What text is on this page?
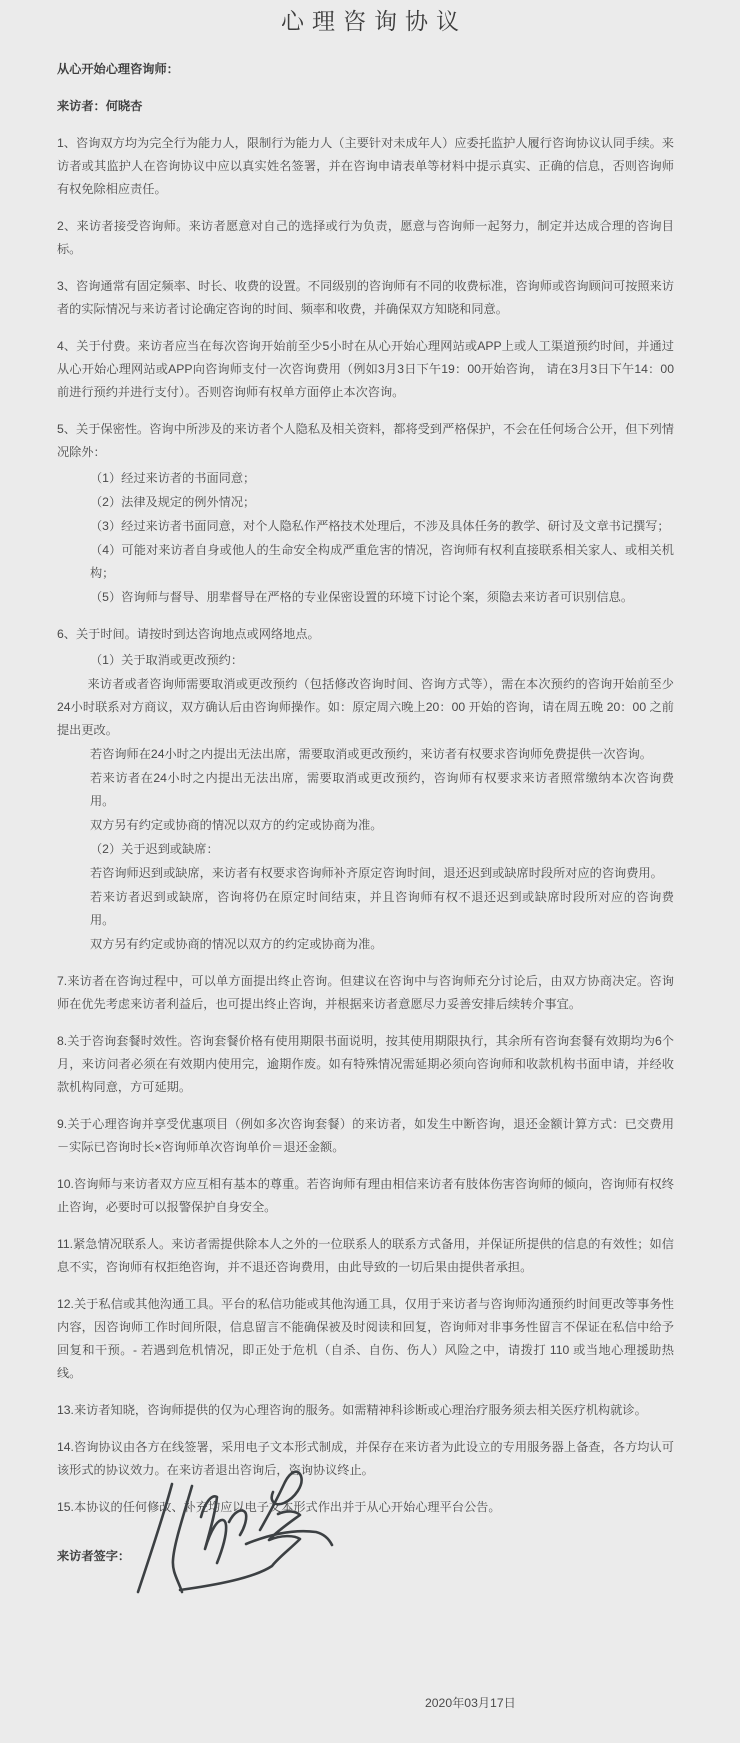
心理咨询协议

从心开始心理咨询师：

来访者：何晓杏

1、咨询双方均为完全行为能力人，限制行为能力人（主要针对未成年人）应委托监护人履行咨询协议认同手续。来访者或其监护人在咨询协议中应以真实姓名签署，并在咨询申请表单等材料中提示真实、正确的信息，否则咨询师有权免除相应责任。

2、来访者接受咨询师。来访者愿意对自己的选择或行为负责，愿意与咨询师一起努力，制定并达成合理的咨询目标。

3、咨询通常有固定频率、时长、收费的设置。不同级别的咨询师有不同的收费标准，咨询师或咨询顾问可按照来访者的实际情况与来访者讨论确定咨询的时间、频率和收费，并确保双方知晓和同意。

4、关于付费。来访者应当在每次咨询开始前至少5小时在从心开始心理网站或APP上或人工渠道预约时间，并通过从心开始心理网站或APP向咨询师支付一次咨询费用（例如3月3日下午19：00开始咨询， 请在3月3日下午14：00前进行预约并进行支付）。否则咨询师有权单方面停止本次咨询。

5、关于保密性。咨询中所涉及的来访者个人隐私及相关资料，都将受到严格保护，不会在任何场合公开，但下列情况除外：

（1）经过来访者的书面同意；

（2）法律及规定的例外情况；

（3）经过来访者书面同意，对个人隐私作严格技术处理后，不涉及具体任务的教学、研讨及文章书记撰写；

（4）可能对来访者自身或他人的生命安全构成严重危害的情况，咨询师有权利直接联系相关家人、或相关机构；

（5）咨询师与督导、朋辈督导在严格的专业保密设置的环境下讨论个案，须隐去来访者可识别信息。

6、关于时间。请按时到达咨询地点或网络地点。

（1）关于取消或更改预约：

来访者或者咨询师需要取消或更改预约（包括修改咨询时间、咨询方式等），需在本次预约的咨询开始前至少24小时联系对方商议，双方确认后由咨询师操作。如：原定周六晚上20：00 开始的咨询，请在周五晚 20：00 之前提出更改。

若咨询师在24小时之内提出无法出席，需要取消或更改预约，来访者有权要求咨询师免费提供一次咨询。

若来访者在24小时之内提出无法出席，需要取消或更改预约，咨询师有权要求来访者照常缴纳本次咨询费用。

双方另有约定或协商的情况以双方的约定或协商为准。

（2）关于迟到或缺席：

若咨询师迟到或缺席，来访者有权要求咨询师补齐原定咨询时间，退还迟到或缺席时段所对应的咨询费用。

若来访者迟到或缺席，咨询将仍在原定时间结束，并且咨询师有权不退还迟到或缺席时段所对应的咨询费用。

双方另有约定或协商的情况以双方的约定或协商为准。

7.来访者在咨询过程中，可以单方面提出终止咨询。但建议在咨询中与咨询师充分讨论后，由双方协商决定。咨询师在优先考虑来访者利益后，也可提出终止咨询，并根据来访者意愿尽力妥善安排后续转介事宜。

8.关于咨询套餐时效性。咨询套餐价格有使用期限书面说明，按其使用期限执行，其余所有咨询套餐有效期均为6个月，来访问者必须在有效期内使用完，逾期作废。如有特殊情况需延期必须向咨询师和收款机构书面申请，并经收款机构同意，方可延期。

9.关于心理咨询并享受优惠项目（例如多次咨询套餐）的来访者，如发生中断咨询，退还金额计算方式：已交费用－实际已咨询时长×咨询师单次咨询单价＝退还金额。

10.咨询师与来访者双方应互相有基本的尊重。若咨询师有理由相信来访者有肢体伤害咨询师的倾向，咨询师有权终止咨询，必要时可以报警保护自身安全。

11.紧急情况联系人。来访者需提供除本人之外的一位联系人的联系方式备用，并保证所提供的信息的有效性；如信息不实，咨询师有权拒绝咨询，并不退还咨询费用，由此导致的一切后果由提供者承担。

12.关于私信或其他沟通工具。平台的私信功能或其他沟通工具，仅用于来访者与咨询师沟通预约时间更改等事务性内容，因咨询师工作时间所限，信息留言不能确保被及时阅读和回复，咨询师对非事务性留言不保证在私信中给予回复和干预。- 若遇到危机情况，即正处于危机（自杀、自伤、伤人）风险之中，请拨打 110 或当地心理援助热线。

13.来访者知晓，咨询师提供的仅为心理咨询的服务。如需精神科诊断或心理治疗服务须去相关医疗机构就诊。

14.咨询协议由各方在线签署，采用电子文本形式制成，并保存在来访者为此设立的专用服务器上备查，各方均认可该形式的协议效力。在来访者退出咨询后，咨询协议终止。

15.本协议的任何修改、补充均应以电子文本形式作出并于从心开始心理平台公告。

来访者签字：

2020年03月17日
